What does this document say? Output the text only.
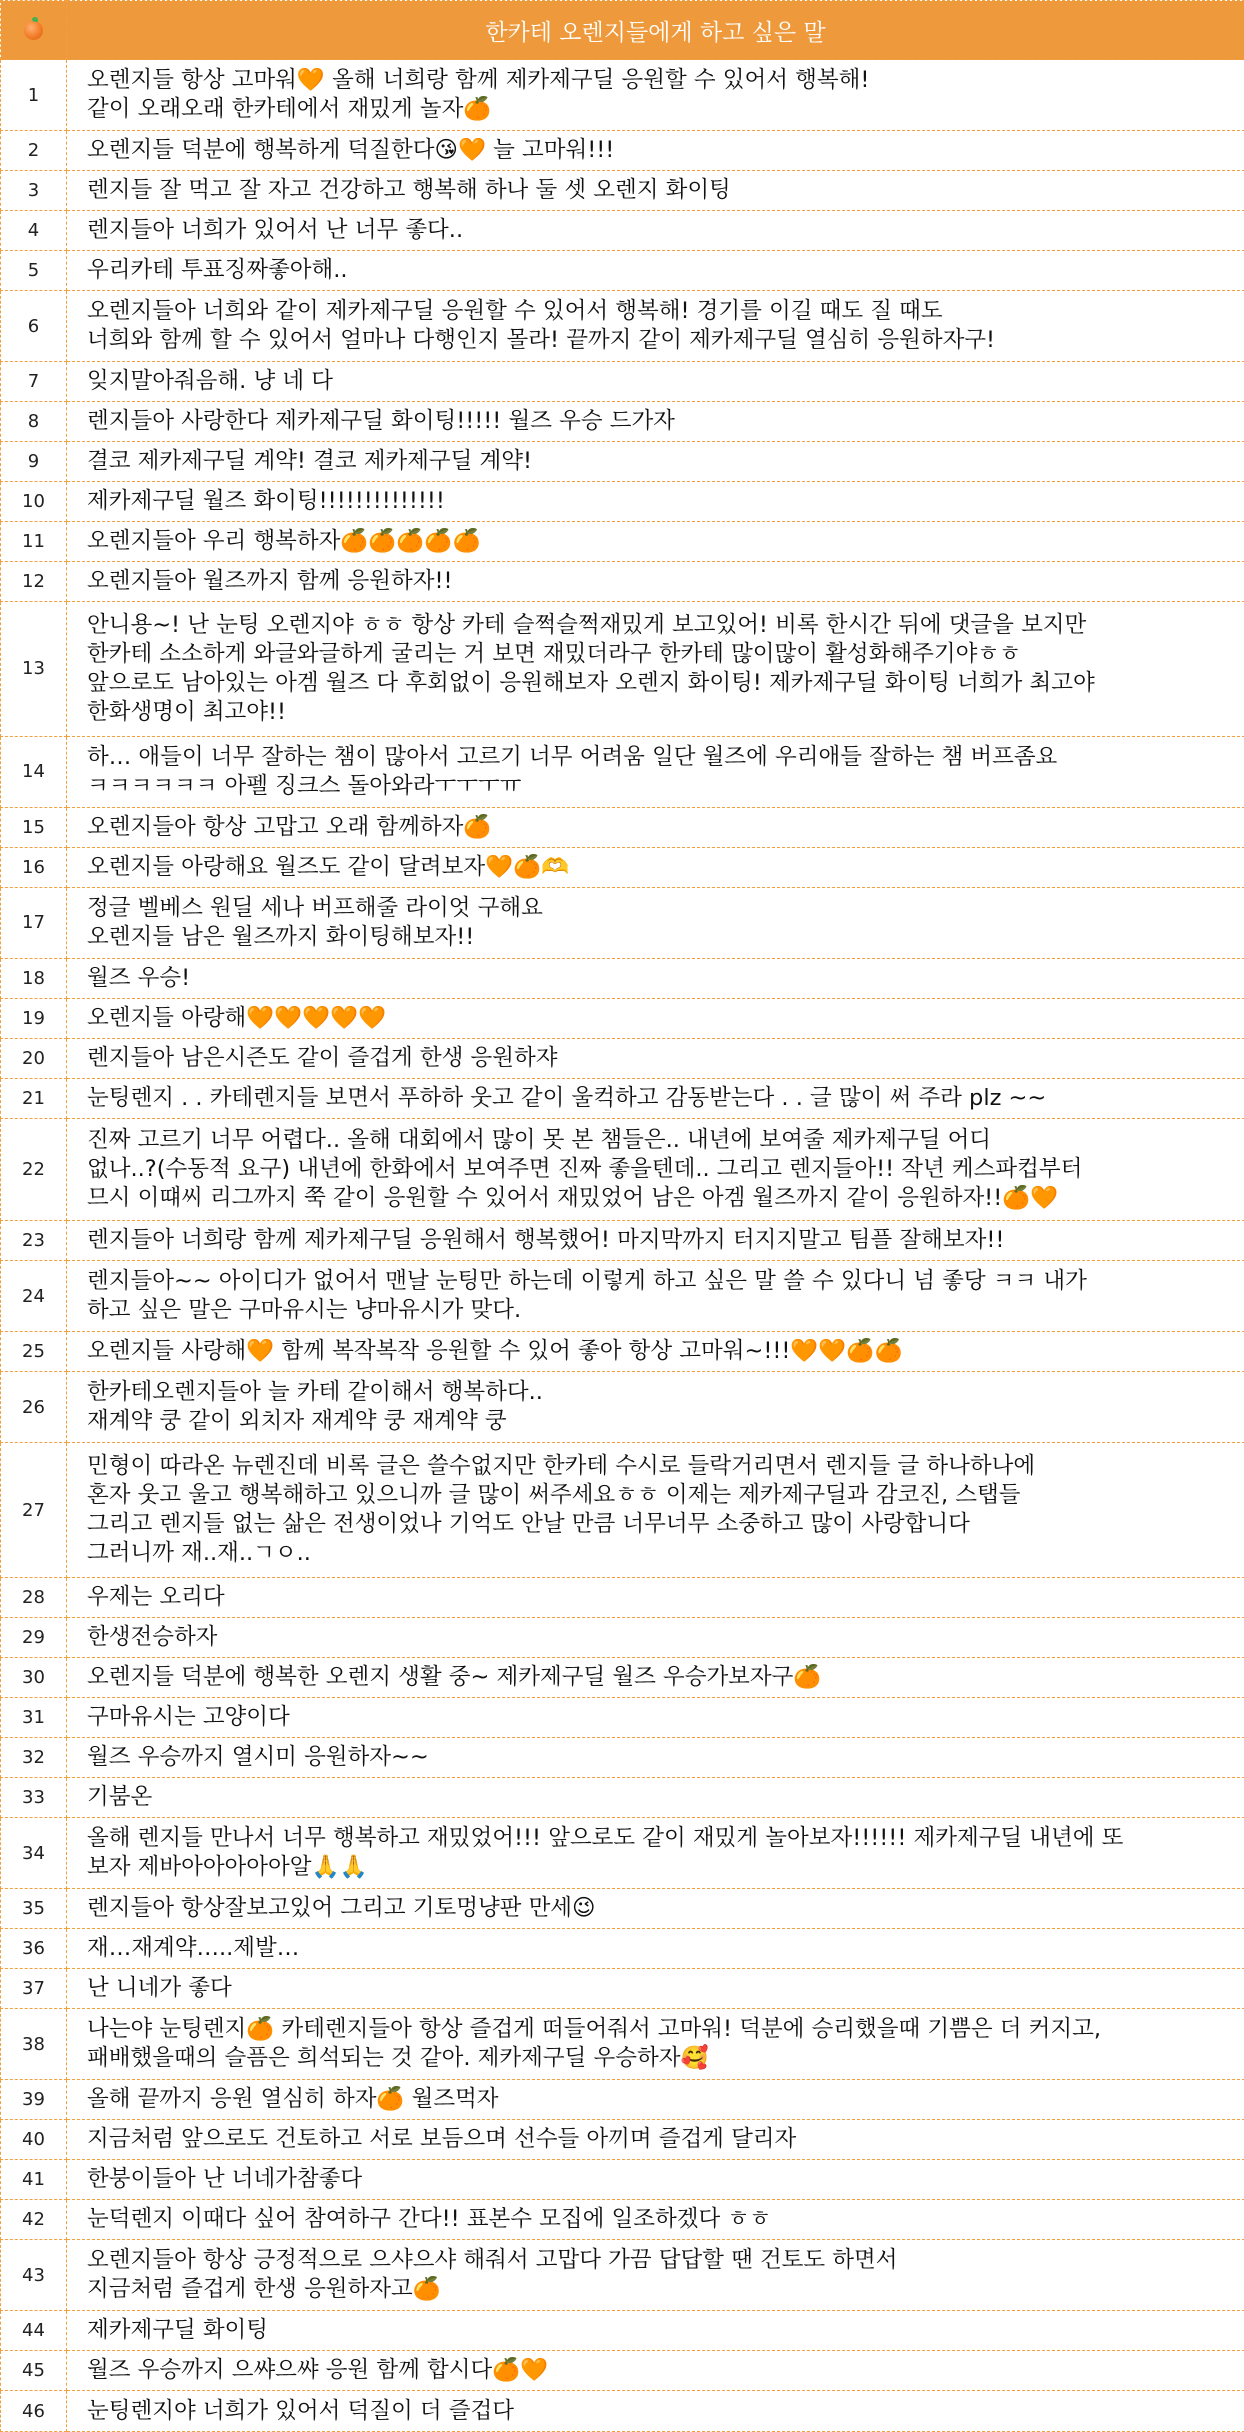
	한카테 오렌지들에게 하고 싶은 말
1	오렌지들 항상 고마워🧡 올해 너희랑 함께 제카제구딜 응원할 수 있어서 행복해!
같이 오래오래 한카테에서 재밌게 놀자🍊
2	오렌지들 덕분에 행복하게 덕질한다😘🧡 늘 고마워!!!
3	렌지들 잘 먹고 잘 자고 건강하고 행복해 하나 둘 셋 오렌지 화이팅
4	렌지들아 너희가 있어서 난 너무 좋다..
5	우리카테 투표징짜좋아해..
6	오렌지들아 너희와 같이 제카제구딜 응원할 수 있어서 행복해! 경기를 이길 때도 질 때도
너희와 함께 할 수 있어서 얼마나 다행인지 몰라! 끝까지 같이 제카제구딜 열심히 응원하자구!
7	잊지말아줘음해. 냥 네 다
8	렌지들아 사랑한다 제카제구딜 화이팅!!!!! 월즈 우승 드가자
9	결코 제카제구딜 계약! 결코 제카제구딜 계약!
10	제카제구딜 월즈 화이팅!!!!!!!!!!!!!!
11	오렌지들아 우리 행복하자🍊🍊🍊🍊🍊
12	오렌지들아 월즈까지 함께 응원하자!!
13	안니용~! 난 눈팅 오렌지야 ㅎㅎ 항상 카테 슬쩍슬쩍재밌게 보고있어! 비록 한시간 뒤에 댓글을 보지만
한카테 소소하게 와글와글하게 굴리는 거 보면 재밌더라구 한카테 많이많이 활성화해주기야ㅎㅎ
앞으로도 남아있는 아겜 월즈 다 후회없이 응원해보자 오렌지 화이팅! 제카제구딜 화이팅 너희가 최고야
한화생명이 최고야!!
14	하… 애들이 너무 잘하는 챔이 많아서 고르기 너무 어려움 일단 월즈에 우리애들 잘하는 챔 버프좀요
ㅋㅋㅋㅋㅋㅋ 아펠 징크스 돌아와라ㅜㅜㅜㅠ
15	오렌지들아 항상 고맙고 오래 함께하자🍊
16	오렌지들 아랑해요 월즈도 같이 달려보자🧡🍊🫶
17	정글 벨베스 원딜 세나 버프해줄 라이엇 구해요
오렌지들 남은 월즈까지 화이팅해보자!!
18	월즈 우승!
19	오렌지들 아랑해🧡🧡🧡🧡🧡
20	렌지들아 남은시즌도 같이 즐겁게 한생 응원하쟈
21	눈팅렌지 . . 카테렌지들 보면서 푸하하 웃고 같이 울컥하고 감동받는다 . . 글 많이 써 주라 plz ~~
22	진짜 고르기 너무 어렵다.. 올해 대회에서 많이 못 본 챔들은.. 내년에 보여줄 제카제구딜 어디
없나..?(수동적 요구) 내년에 한화에서 보여주면 진짜 좋을텐데.. 그리고 렌지들아!! 작년 케스파컵부터
므시 이떄씨 리그까지 쭉 같이 응원할 수 있어서 재밌었어 남은 아겜 월즈까지 같이 응원하자!!🍊🧡
23	렌지들아 너희랑 함께 제카제구딜 응원해서 행복했어! 마지막까지 터지지말고 팀플 잘해보자!!
24	렌지들아~~ 아이디가 없어서 맨날 눈팅만 하는데 이렇게 하고 싶은 말 쓸 수 있다니 넘 좋당 ㅋㅋ 내가
하고 싶은 말은 구마유시는 냥마유시가 맞다.
25	오렌지들 사랑해🧡 함께 복작복작 응원할 수 있어 좋아 항상 고마워~!!!🧡🧡🍊🍊
26	한카테오렌지들아 늘 카테 같이해서 행복하다..
재계약 쿵 같이 외치자 재계약 쿵 재계약 쿵
27	민형이 따라온 뉴렌진데 비록 글은 쓸수없지만 한카테 수시로 들락거리면서 렌지들 글 하나하나에
혼자 웃고 울고 행복해하고 있으니까 글 많이 써주세요ㅎㅎ 이제는 제카제구딜과 감코진, 스탭들
그리고 렌지들 없는 삶은 전생이었나 기억도 안날 만큼 너무너무 소중하고 많이 사랑합니다
그러니까 재..재..ㄱㅇ..
28	우제는 오리다
29	한생전승하자
30	오렌지들 덕분에 행복한 오렌지 생활 중~ 제카제구딜 월즈 우승가보자구🍊
31	구마유시는 고양이다
32	월즈 우승까지 열시미 응원하자~~
33	기붐온
34	올해 렌지들 만나서 너무 행복하고 재밌었어!!! 앞으로도 같이 재밌게 놀아보자!!!!!! 제카제구딜 내년에 또
보자 제바아아아아아알🙏🙏
35	렌지들아 항상잘보고있어 그리고 기토멍냥판 만세😉
36	재…재계약…..제발…
37	난 니네가 좋다
38	나는야 눈팅렌지🍊 카테렌지들아 항상 즐겁게 떠들어줘서 고마워! 덕분에 승리했을때 기쁨은 더 커지고,
패배했을때의 슬픔은 희석되는 것 같아. 제카제구딜 우승하자🥰
39	올해 끝까지 응원 열심히 하자🍊 월즈먹자
40	지금처럼 앞으로도 건토하고 서로 보듬으며 선수들 아끼며 즐겁게 달리자
41	한붕이들아 난 너네가참좋다
42	눈덕렌지 이때다 싶어 참여하구 간다!! 표본수 모집에 일조하겠다 ㅎㅎ
43	오렌지들아 항상 긍정적으로 으샤으샤 해줘서 고맙다 가끔 답답할 땐 건토도 하면서
지금처럼 즐겁게 한생 응원하자고🍊
44	제카제구딜 화이팅
45	월즈 우승까지 으쌰으쌰 응원 함께 합시다🍊🧡
46	눈팅렌지야 너희가 있어서 덕질이 더 즐겁다
